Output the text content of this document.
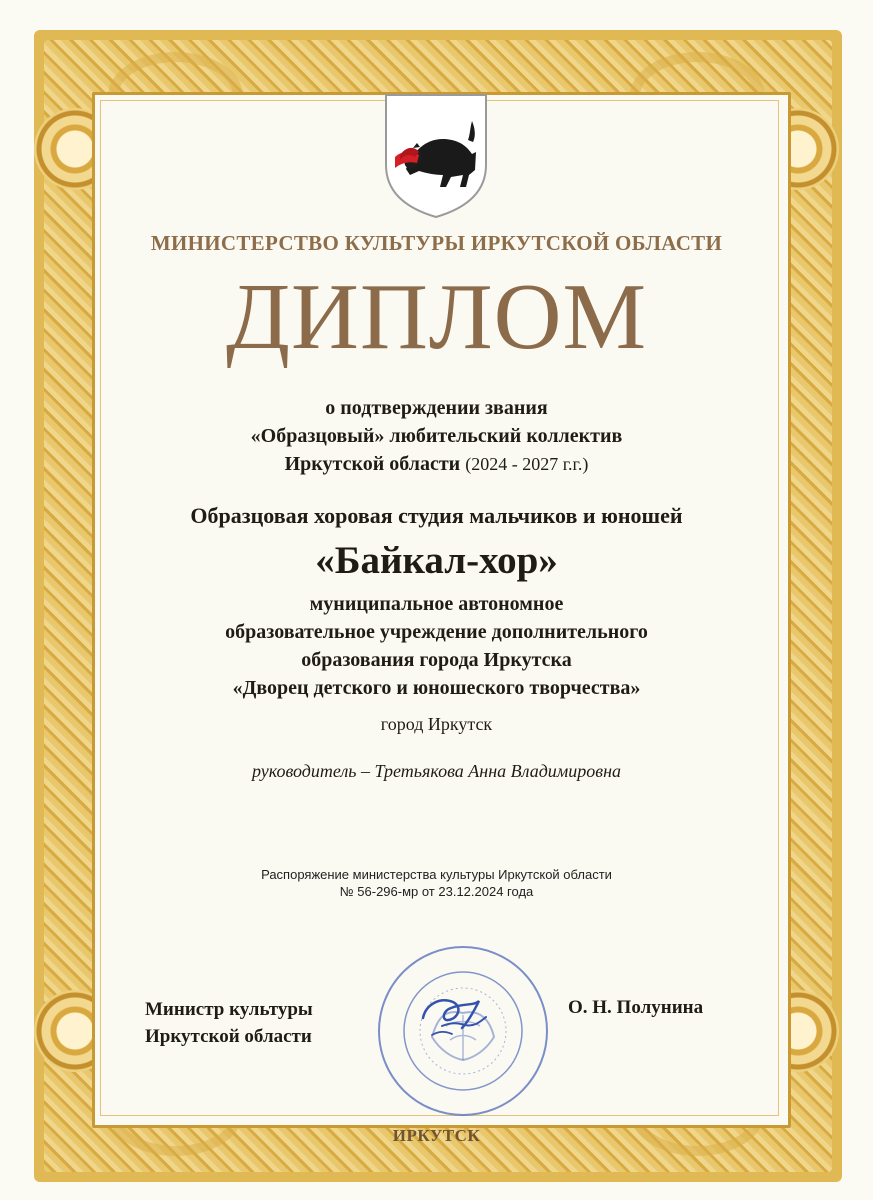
МИНИСТЕРСТВО КУЛЬТУРЫ ИРКУТСКОЙ ОБЛАСТИ
ДИПЛОМ
о подтверждении звания
«Образцовый» любительский коллектив
Иркутской области (2024 - 2027 г.г.)
Образцовая хоровая студия мальчиков и юношей
«Байкал-хор»
муниципальное автономное
образовательное учреждение дополнительного
образования города Иркутска
«Дворец детского и юношеского творчества»
город Иркутск
руководитель – Третьякова Анна Владимировна
Распоряжение министерства культуры Иркутской области
№ 56-296-мр от 23.12.2024 года
Министр культуры
Иркутской области
О. Н. Полунина
ИРКУТСК
